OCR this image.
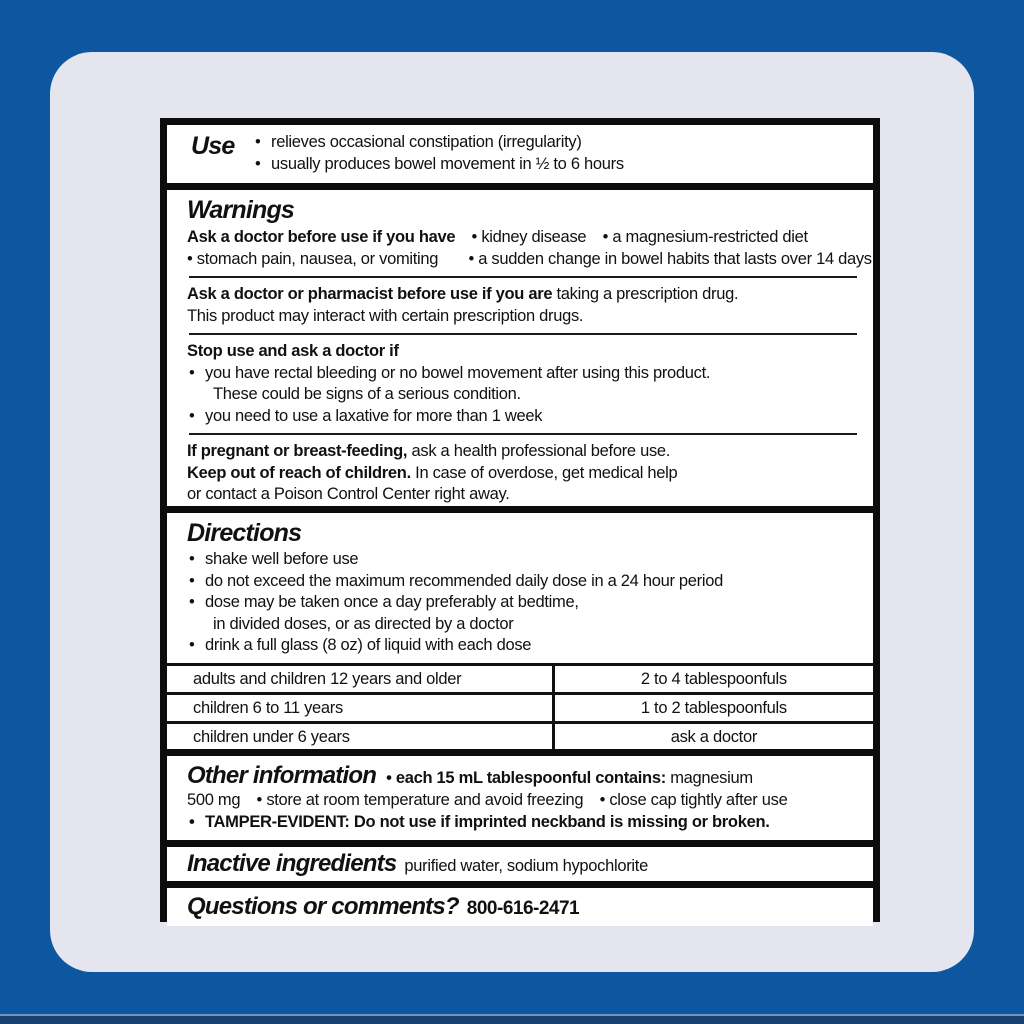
Use	• relieves occasional constipation (irregularity)
• usually produces bowel movement in ½ to 6 hours
Warnings
Ask a doctor before use if you have • kidney disease • a magnesium-restricted diet
• stomach pain, nausea, or vomiting • a sudden change in bowel habits that lasts over 14 days
Ask a doctor or pharmacist before use if you are taking a prescription drug.
This product may interact with certain prescription drugs.
Stop use and ask a doctor if
• you have rectal bleeding or no bowel movement after using this product.
These could be signs of a serious condition.
• you need to use a laxative for more than 1 week
If pregnant or breast-feeding, ask a health professional before use.
Keep out of reach of children. In case of overdose, get medical help
or contact a Poison Control Center right away.
Directions
• shake well before use
• do not exceed the maximum recommended daily dose in a 24 hour period
• dose may be taken once a day preferably at bedtime,
in divided doses, or as directed by a doctor
• drink a full glass (8 oz) of liquid with each dose
adults and children 12 years and older	2 to 4 tablespoonfuls
children 6 to 11 years	1 to 2 tablespoonfuls
children under 6 years	ask a doctor
Other information • each 15 mL tablespoonful contains: magnesium
500 mg • store at room temperature and avoid freezing • close cap tightly after use
• TAMPER-EVIDENT: Do not use if imprinted neckband is missing or broken.
Inactive ingredients purified water, sodium hypochlorite
Questions or comments? 800-616-2471
